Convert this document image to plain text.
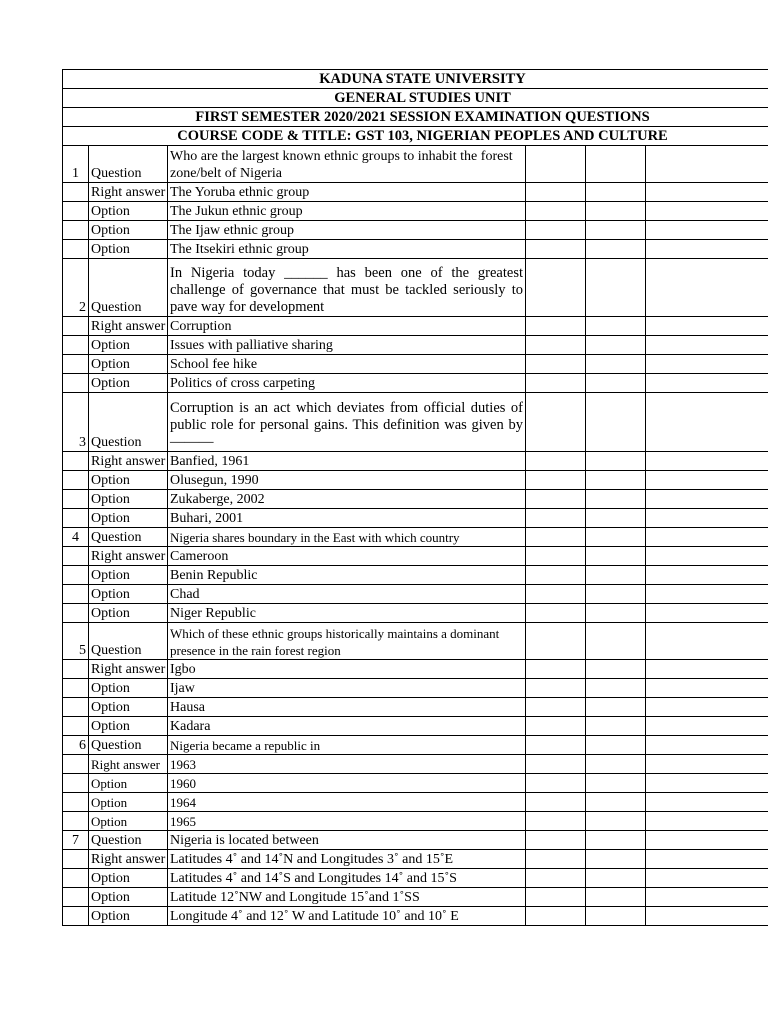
KADUNA STATE UNIVERSITY					
GENERAL STUDIES UNIT					
FIRST SEMESTER 2020/2021 SESSION EXAMINATION QUESTIONS					
COURSE CODE & TITLE: GST 103, NIGERIAN PEOPLES AND CULTURE					
1	Question	Who are the largest known ethnic groups to inhabit the forest zone/belt of Nigeria			
	Right answer	The Yoruba ethnic group			
	Option	The Jukun ethnic group			
	Option	The Ijaw ethnic group			
	Option	The Itsekiri ethnic group			
2	Question	In Nigeria today ______ has been one of the greatest challenge of governance that must be tackled seriously to pave way for development			
	Right answer	Corruption			
	Option	Issues with palliative sharing			
	Option	School fee hike			
	Option	Politics of cross carpeting			
3	Question	Corruption is an act which deviates from official duties of public role for personal gains. This definition was given by ———			
	Right answer	Banfied, 1961			
	Option	Olusegun, 1990			
	Option	Zukaberge, 2002			
	Option	Buhari, 2001			
4	Question	Nigeria shares boundary in the East with which country			
	Right answer	Cameroon			
	Option	Benin Republic			
	Option	Chad			
	Option	Niger Republic			
5	Question	Which of these ethnic groups historically maintains a dominant presence in the rain forest region			
	Right answer	Igbo			
	Option	Ijaw			
	Option	Hausa			
	Option	Kadara			
6	Question	Nigeria became a republic in			
	Right answer	1963			
	Option	1960			
	Option	1964			
	Option	1965			
7	Question	Nigeria is located between			
	Right answer	Latitudes 4˚ and 14˚N and Longitudes 3˚ and 15˚E			
	Option	Latitudes 4˚ and 14˚S and Longitudes 14˚ and 15˚S			
	Option	Latitude 12˚NW and Longitude 15˚and 1˚SS			
	Option	Longitude 4˚ and 12˚ W and Latitude 10˚ and 10˚ E			
